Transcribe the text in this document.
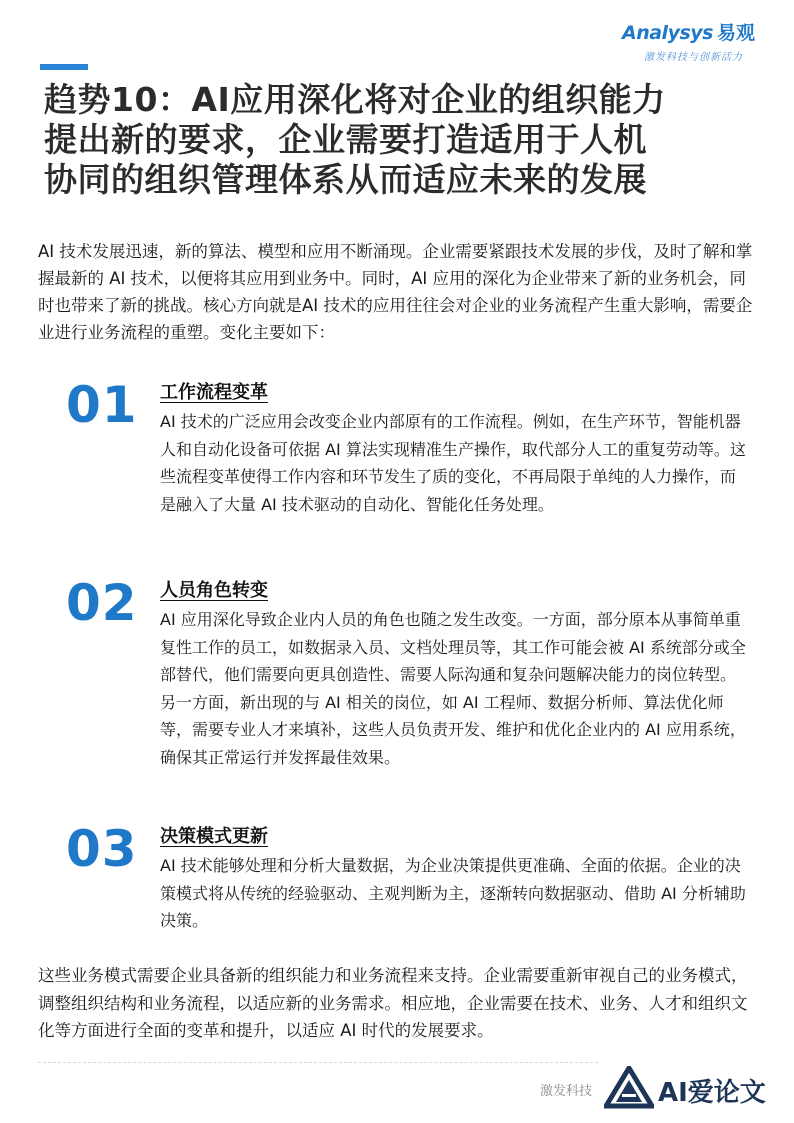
Analysys 易观
激发科技与创新活力
趋势10：AI应用深化将对企业的组织能力
提出新的要求，企业需要打造适用于人机
协同的组织管理体系从而适应未来的发展

AI 技术发展迅速，新的算法、模型和应用不断涌现。企业需要紧跟技术发展的步伐，及时了解和掌握最新的 AI 技术，以便将其应用到业务中。同时，AI 应用的深化为企业带来了新的业务机会，同时也带来了新的挑战。核心方向就是AI 技术的应用往往会对企业的业务流程产生重大影响，需要企业进行业务流程的重塑。变化主要如下：

01 工作流程变革

AI 技术的广泛应用会改变企业内部原有的工作流程。例如，在生产环节，智能机器人和自动化设备可依据 AI 算法实现精准生产操作，取代部分人工的重复劳动等。这些流程变革使得工作内容和环节发生了质的变化，不再局限于单纯的人力操作，而是融入了大量 AI 技术驱动的自动化、智能化任务处理。

02 人员角色转变

AI 应用深化导致企业内人员的角色也随之发生改变。一方面，部分原本从事简单重复性工作的员工，如数据录入员、文档处理员等，其工作可能会被 AI 系统部分或全部替代，他们需要向更具创造性、需要人际沟通和复杂问题解决能力的岗位转型。另一方面，新出现的与 AI 相关的岗位，如 AI 工程师、数据分析师、算法优化师等，需要专业人才来填补，这些人员负责开发、维护和优化企业内的 AI 应用系统，确保其正常运行并发挥最佳效果。

03 决策模式更新

AI 技术能够处理和分析大量数据，为企业决策提供更准确、全面的依据。企业的决策模式将从传统的经验驱动、主观判断为主，逐渐转向数据驱动、借助 AI 分析辅助决策。

这些业务模式需要企业具备新的组织能力和业务流程来支持。企业需要重新审视自己的业务模式，调整组织结构和业务流程，以适应新的业务需求。相应地，企业需要在技术、业务、人才和组织文化等方面进行全面的变革和提升，以适应 AI 时代的发展要求。

激发科技	AI爱论文
